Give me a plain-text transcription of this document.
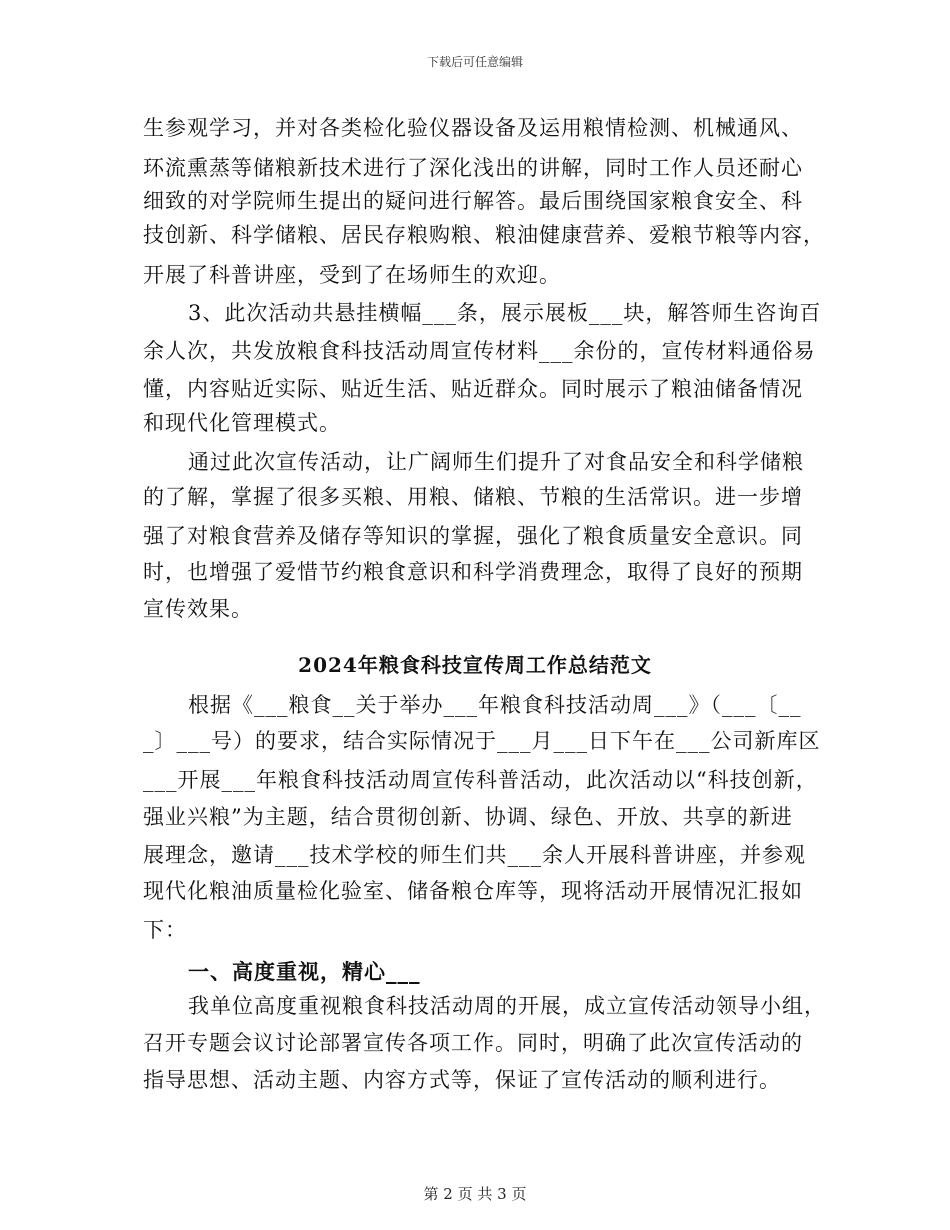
下载后可任意编辑
生参观学习，并对各类检化验仪器设备及运用粮情检测、机械通风、
环流熏蒸等储粮新技术进行了深化浅出的讲解，同时工作人员还耐心
细致的对学院师生提出的疑问进行解答。最后围绕国家粮食安全、科
技创新、科学储粮、居民存粮购粮、粮油健康营养、爱粮节粮等内容，
开展了科普讲座，受到了在场师生的欢迎。
3、此次活动共悬挂横幅___条，展示展板___块，解答师生咨询百
余人次，共发放粮食科技活动周宣传材料___余份的，宣传材料通俗易
懂，内容贴近实际、贴近生活、贴近群众。同时展示了粮油储备情况
和现代化管理模式。
通过此次宣传活动，让广阔师生们提升了对食品安全和科学储粮
的了解，掌握了很多买粮、用粮、储粮、节粮的生活常识。进一步增
强了对粮食营养及储存等知识的掌握，强化了粮食质量安全意识。同
时，也增强了爱惜节约粮食意识和科学消费理念，取得了良好的预期
宣传效果。
2024年粮食科技宣传周工作总结范文
根据《___粮食__关于举办___年粮食科技活动周___》（___〔__
_〕___号）的要求，结合实际情况于___月___日下午在___公司新库区
___开展___年粮食科技活动周宣传科普活动，此次活动以“科技创新，
强业兴粮”为主题，结合贯彻创新、协调、绿色、开放、共享的新进
展理念，邀请___技术学校的师生们共___余人开展科普讲座，并参观
现代化粮油质量检化验室、储备粮仓库等，现将活动开展情况汇报如
下：
一、高度重视，精心___
我单位高度重视粮食科技活动周的开展，成立宣传活动领导小组，
召开专题会议讨论部署宣传各项工作。同时，明确了此次宣传活动的
指导思想、活动主题、内容方式等，保证了宣传活动的顺利进行。
第 2 页 共 3 页
